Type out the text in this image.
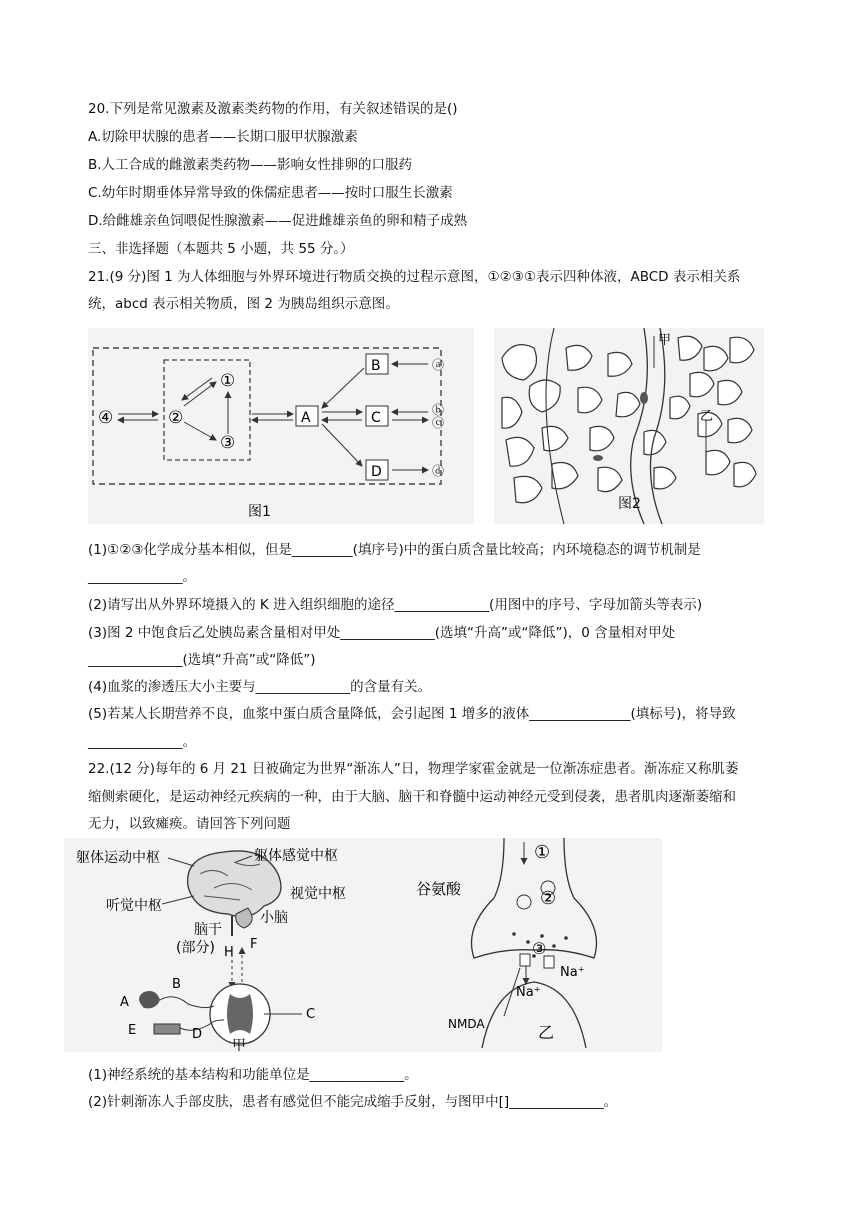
20.下列是常见激素及激素类药物的作用，有关叙述错误的是()
A.切除甲状腺的患者——长期口服甲状腺激素
B.人工合成的雌激素类药物——影响女性排卵的口服药
C.幼年时期垂体异常导致的侏儒症患者——按时口服生长激素
D.给雌雄亲鱼饲喂促性腺激素——促进雌雄亲鱼的卵和精子成熟
三、非选择题（本题共 5 小题，共 55 分。）
21.(9 分)图 1 为人体细胞与外界环境进行物质交换的过程示意图，①②③①表示四种体液，ABCD 表示相关系
统，abcd 表示相关物质，图 2 为胰岛组织示意图。
④	②
①
③
A
B
C
D
ⓐ
ⓑ
ⓒ
ⓓ
图1
甲
乙
图2
(1)①②③化学成分基本相似，但是_________(填序号)中的蛋白质含量比较高；内环境稳态的调节机制是
______________。
(2)请写出从外界环境摄入的 K 进入组织细胞的途径______________(用图中的序号、字母加箭头等表示)
(3)图 2 中饱食后乙处胰岛素含量相对甲处______________(选填“升高”或“降低”)，0 含量相对甲处
______________(选填“升高”或“降低”)
(4)血浆的渗透压大小主要与______________的含量有关。
(5)若某人长期营养不良，血浆中蛋白质含量降低，会引起图 1 增多的液体_______________(填标号)，将导致
______________。
22.(12 分)每年的 6 月 21 日被确定为世界“渐冻人”日，物理学家霍金就是一位渐冻症患者。渐冻症又称肌萎
缩侧索硬化，是运动神经元疾病的一种，由于大脑、脑干和脊髓中运动神经元受到侵袭，患者肌肉逐渐萎缩和
无力，以致瘫痪。请回答下列问题
躯体运动中枢	躯体感觉中枢
视觉中枢
听觉中枢
小脑
脑干
(部分) H
F
A
B
C
D
E
甲
①
谷氨酸	②
③
Na⁺
Na⁺
NMDA	乙
(1)神经系统的基本结构和功能单位是______________。
(2)针刺渐冻人手部皮肤，患者有感觉但不能完成缩手反射，与图甲中[]______________。
